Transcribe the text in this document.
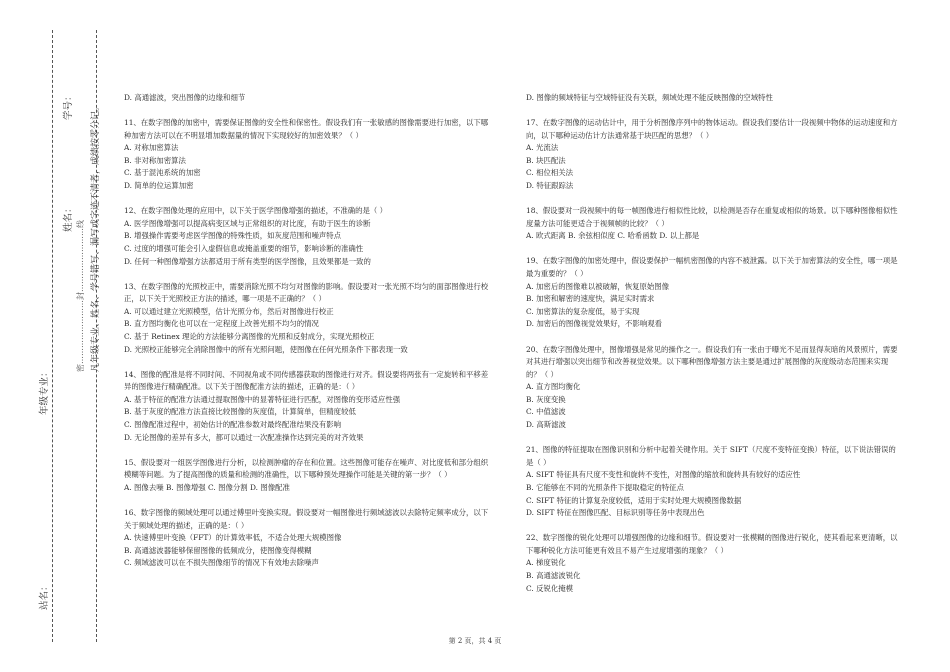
学号：	凡年级专业、姓名、学号错写、漏写或字迹不清者，成绩按零分记。
密……………………封……………………线
姓名：
年级专业：
站名：
D. 高通滤波，突出图像的边缘和细节
11、在数字图像的加密中，需要保证图像的安全性和保密性。假设我们有一张敏感的图像需要进行加密，以下哪种加密方法可以在不明显增加数据量的情况下实现较好的加密效果？（ ）
A. 对称加密算法
B. 非对称加密算法
C. 基于混沌系统的加密
D. 简单的位运算加密
12、在数字图像处理的应用中，以下关于医学图像增强的描述，不准确的是（ ）
A. 医学图像增强可以提高病变区域与正常组织的对比度，有助于医生的诊断
B. 增强操作需要考虑医学图像的特殊性质，如灰度范围和噪声特点
C. 过度的增强可能会引入虚假信息或掩盖重要的细节，影响诊断的准确性
D. 任何一种图像增强方法都适用于所有类型的医学图像，且效果都是一致的
13、在数字图像的光照校正中，需要消除光照不均匀对图像的影响。假设要对一张光照不均匀的面部图像进行校正，以下关于光照校正方法的描述，哪一项是不正确的？（ ）
A. 可以通过建立光照模型，估计光照分布，然后对图像进行校正
B. 直方图均衡化也可以在一定程度上改善光照不均匀的情况
C. 基于 Retinex 理论的方法能够分离图像的光照和反射成分，实现光照校正
D. 光照校正能够完全消除图像中的所有光照问题，使图像在任何光照条件下都表现一致
14、图像的配准是将不同时间、不同视角或不同传感器获取的图像进行对齐。假设要将两张有一定旋转和平移差异的图像进行精确配准。以下关于图像配准方法的描述，正确的是：（ ）
A. 基于特征的配准方法通过提取图像中的显著特征进行匹配，对图像的变形适应性强
B. 基于灰度的配准方法直接比较图像的灰度值，计算简单，但精度较低
C. 图像配准过程中，初始估计的配准参数对最终配准结果没有影响
D. 无论图像的差异有多大，都可以通过一次配准操作达到完美的对齐效果
15、假设要对一组医学图像进行分析，以检测肿瘤的存在和位置。这些图像可能存在噪声、对比度低和部分组织模糊等问题。为了提高图像的质量和检测的准确性，以下哪种预处理操作可能是关键的第一步？（ ）
A. 图像去噪 B. 图像增强 C. 图像分割 D. 图像配准
16、数字图像的频域处理可以通过傅里叶变换实现。假设要对一幅图像进行频域滤波以去除特定频率成分，以下关于频域处理的描述，正确的是：（ ）
A. 快速傅里叶变换（FFT）的计算效率低，不适合处理大规模图像
B. 高通滤波器能够保留图像的低频成分，使图像变得模糊
C. 频域滤波可以在不损失图像细节的情况下有效地去除噪声
D. 图像的频域特征与空域特征没有关联，频域处理不能反映图像的空域特性
17、在数字图像的运动估计中，用于分析图像序列中的物体运动。假设我们要估计一段视频中物体的运动速度和方向，以下哪种运动估计方法通常基于块匹配的思想？（ ）
A. 光流法
B. 块匹配法
C. 相位相关法
D. 特征跟踪法
18、假设要对一段视频中的每一帧图像进行相似性比较，以检测是否存在重复或相似的场景。以下哪种图像相似性度量方法可能更适合于视频帧的比较？（ ）
A. 欧式距离 B. 余弦相似度 C. 哈希函数 D. 以上都是
19、在数字图像的加密处理中，假设要保护一幅机密图像的内容不被泄露。以下关于加密算法的安全性，哪一项是最为重要的？（ ）
A. 加密后的图像难以被破解，恢复原始图像
B. 加密和解密的速度快，满足实时需求
C. 加密算法的复杂度低，易于实现
D. 加密后的图像视觉效果好，不影响观看
20、在数字图像处理中，图像增强是常见的操作之一。假设我们有一张由于曝光不足而显得灰暗的风景照片，需要对其进行增强以突出细节和改善视觉效果。以下哪种图像增强方法主要是通过扩展图像的灰度级动态范围来实现的？（ ）
A. 直方图均衡化
B. 灰度变换
C. 中值滤波
D. 高斯滤波
21、图像的特征提取在图像识别和分析中起着关键作用。关于 SIFT（尺度不变特征变换）特征，以下说法错误的是（ ）
A. SIFT 特征具有尺度不变性和旋转不变性，对图像的缩放和旋转具有较好的适应性
B. 它能够在不同的光照条件下提取稳定的特征点
C. SIFT 特征的计算复杂度较低，适用于实时处理大规模图像数据
D. SIFT 特征在图像匹配、目标识别等任务中表现出色
22、数字图像的锐化处理可以增强图像的边缘和细节。假设要对一张模糊的图像进行锐化，使其看起来更清晰，以下哪种锐化方法可能更有效且不易产生过度增强的现象？（ ）
A. 梯度锐化
B. 高通滤波锐化
C. 反锐化掩模
第 2 页，共 4 页
